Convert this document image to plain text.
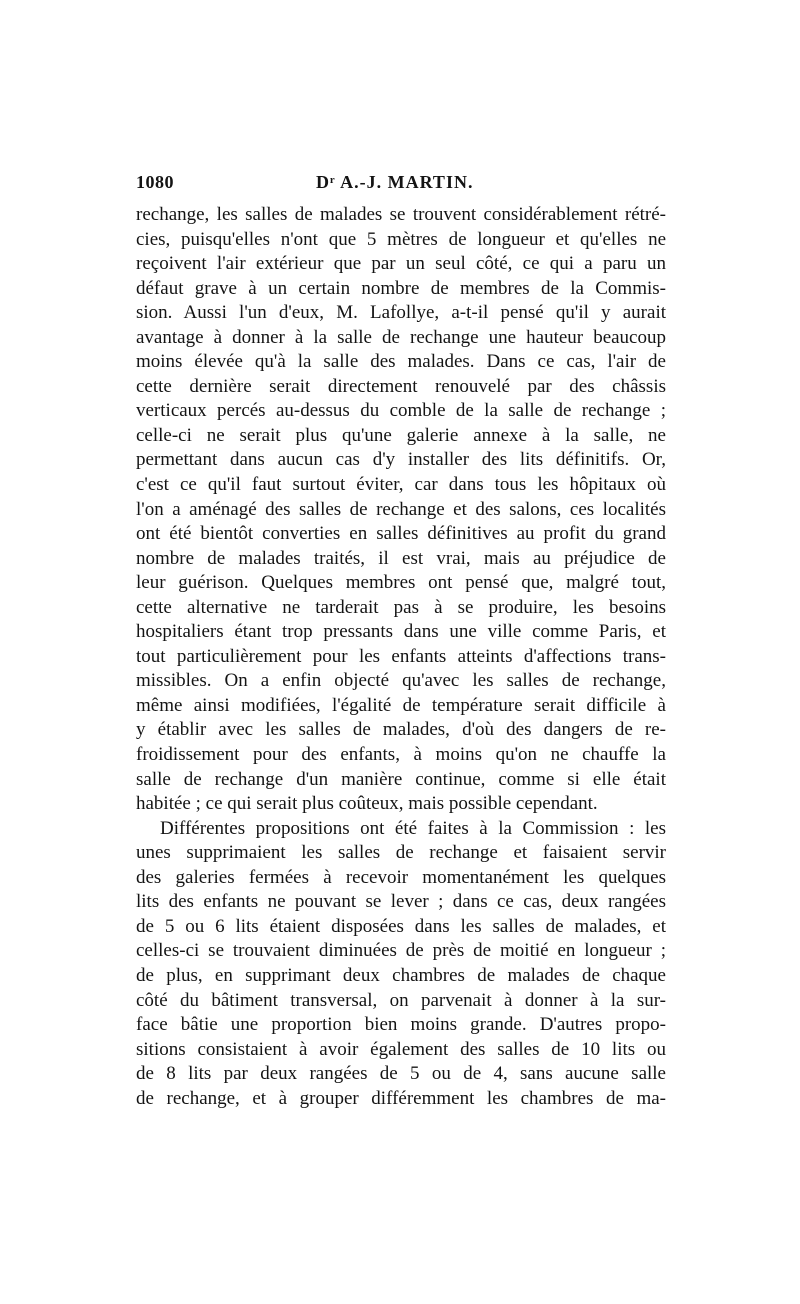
1080	Dʳ A.-J. MARTIN.
rechange, les salles de malades se trouvent considérablement rétré-
cies, puisqu'elles n'ont que 5 mètres de longueur et qu'elles ne
reçoivent l'air extérieur que par un seul côté, ce qui a paru un
défaut grave à un certain nombre de membres de la Commis-
sion. Aussi l'un d'eux, M. Lafollye, a-t-il pensé qu'il y aurait
avantage à donner à la salle de rechange une hauteur beaucoup
moins élevée qu'à la salle des malades. Dans ce cas, l'air de
cette dernière serait directement renouvelé par des châssis
verticaux percés au-dessus du comble de la salle de rechange ;
celle-ci ne serait plus qu'une galerie annexe à la salle, ne
permettant dans aucun cas d'y installer des lits définitifs. Or,
c'est ce qu'il faut surtout éviter, car dans tous les hôpitaux où
l'on a aménagé des salles de rechange et des salons, ces localités
ont été bientôt converties en salles définitives au profit du grand
nombre de malades traités, il est vrai, mais au préjudice de
leur guérison. Quelques membres ont pensé que, malgré tout,
cette alternative ne tarderait pas à se produire, les besoins
hospitaliers étant trop pressants dans une ville comme Paris, et
tout particulièrement pour les enfants atteints d'affections trans-
missibles. On a enfin objecté qu'avec les salles de rechange,
même ainsi modifiées, l'égalité de température serait difficile à
y établir avec les salles de malades, d'où des dangers de re-
froidissement pour des enfants, à moins qu'on ne chauffe la
salle de rechange d'un manière continue, comme si elle était
habitée ; ce qui serait plus coûteux, mais possible cependant.
Différentes propositions ont été faites à la Commission : les
unes supprimaient les salles de rechange et faisaient servir
des galeries fermées à recevoir momentanément les quelques
lits des enfants ne pouvant se lever ; dans ce cas, deux rangées
de 5 ou 6 lits étaient disposées dans les salles de malades, et
celles-ci se trouvaient diminuées de près de moitié en longueur ;
de plus, en supprimant deux chambres de malades de chaque
côté du bâtiment transversal, on parvenait à donner à la sur-
face bâtie une proportion bien moins grande. D'autres propo-
sitions consistaient à avoir également des salles de 10 lits ou
de 8 lits par deux rangées de 5 ou de 4, sans aucune salle
de rechange, et à grouper différemment les chambres de ma-
